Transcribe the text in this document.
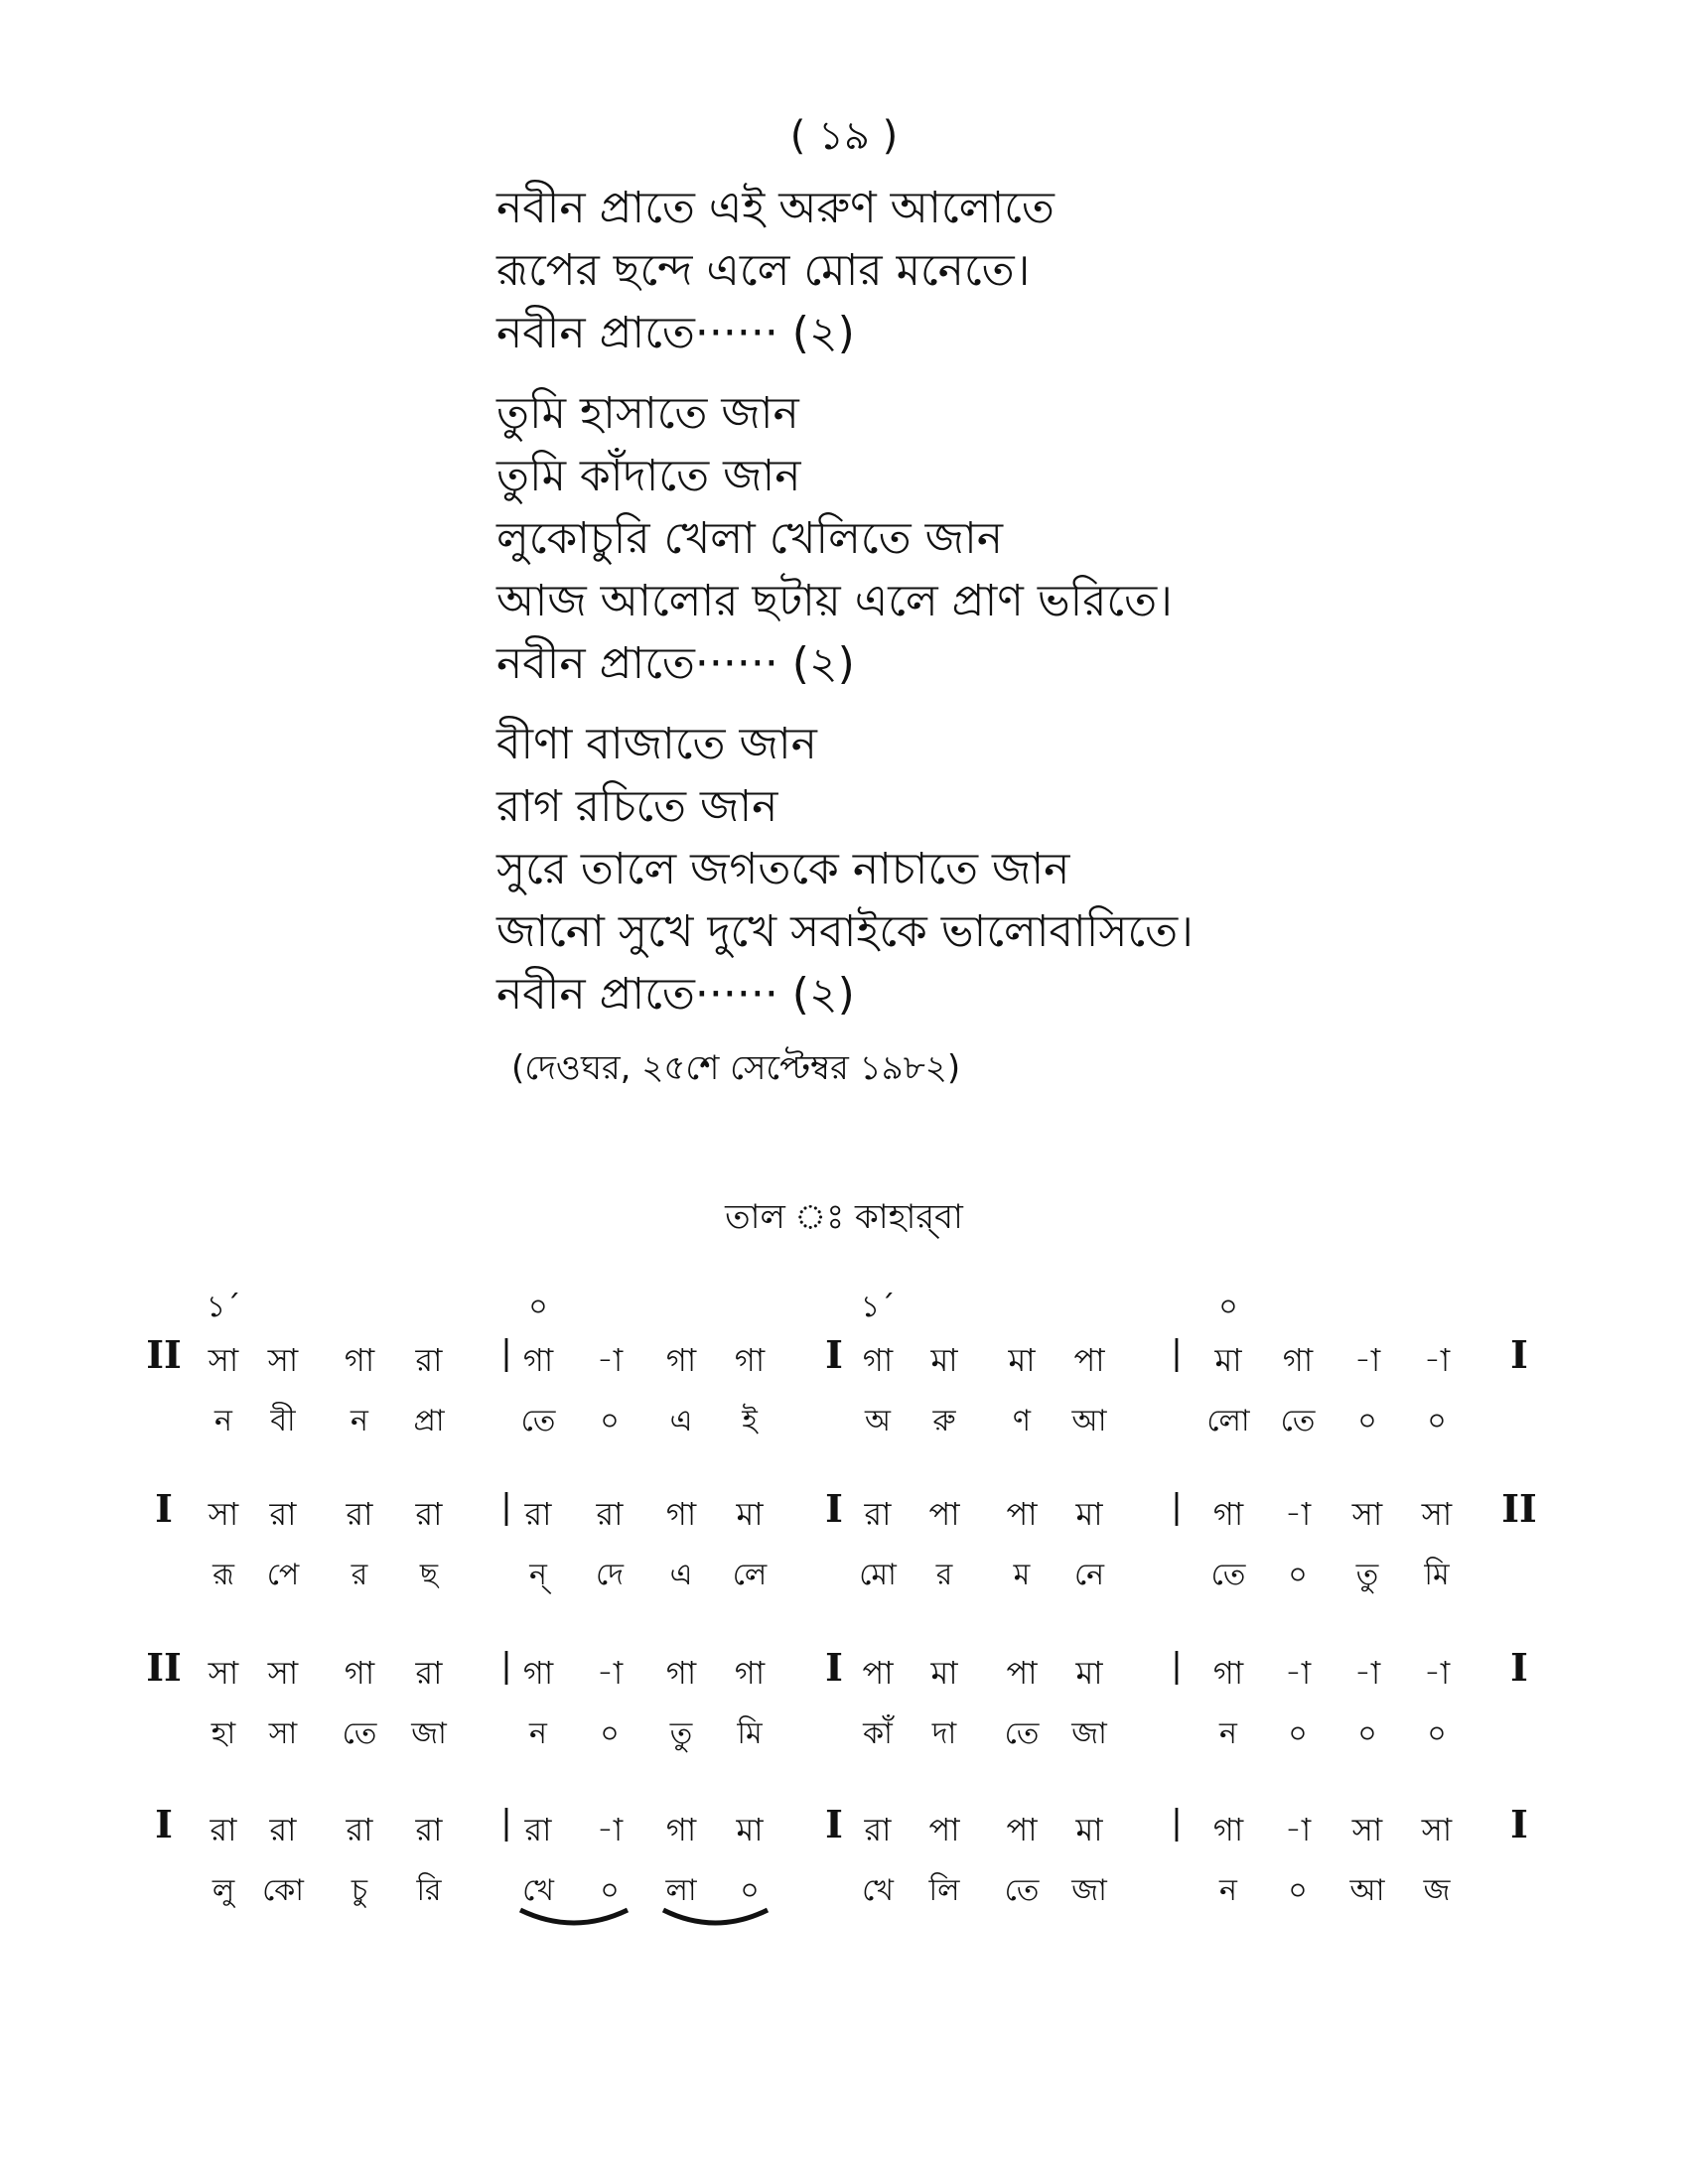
( ১৯ )
নবীন প্রাতে এই অরুণ আলোতে
রূপের ছন্দে এলে মোর মনেতে।
নবীন প্রাতে······ (২)
তুমি হাসাতে জান
তুমি কাঁদাতে জান
লুকোচুরি খেলা খেলিতে জান
আজ আলোর ছটায় এলে প্রাণ ভরিতে।
নবীন প্রাতে······ (২)
বীণা বাজাতে জান
রাগ রচিতে জান
সুরে তালে জগতকে নাচাতে জান
জানো সুখে দুখে সবাইকে ভালোবাসিতে।
নবীন প্রাতে······ (২)
(দেওঘর, ২৫শে সেপ্টেম্বর ১৯৮২)
তাল ঃ কাহার্‌বা
১´	০	১´	০
II	|	|
I	I
সা সা গা রা	গা -া গা গা	গা মা মা পা	মা গা -া -া
ন বী ন প্রা	তে ০ এ ই	অ রু ণ আ	লো তে ০ ০
I	|	|
I	II
সা রা রা রা	রা রা গা মা	রা পা পা মা	গা -া সা সা
রূ পে র ছ	ন্ দে এ লে	মো র ম নে	তে ০ তু মি
II	|	|
I	I
সা সা গা রা	গা -া গা গা	পা মা পা মা	গা -া -া -া
হা সা তে জা	ন ০ তু মি	কাঁ দা তে জা	ন ০ ০ ০
I	|	|
I	I
রা রা রা রা	রা -া গা মা	রা পা পা মা	গা -া সা সা
লু কো চু রি	খে ০ লা ০	খে লি তে জা	ন ০ আ জ
